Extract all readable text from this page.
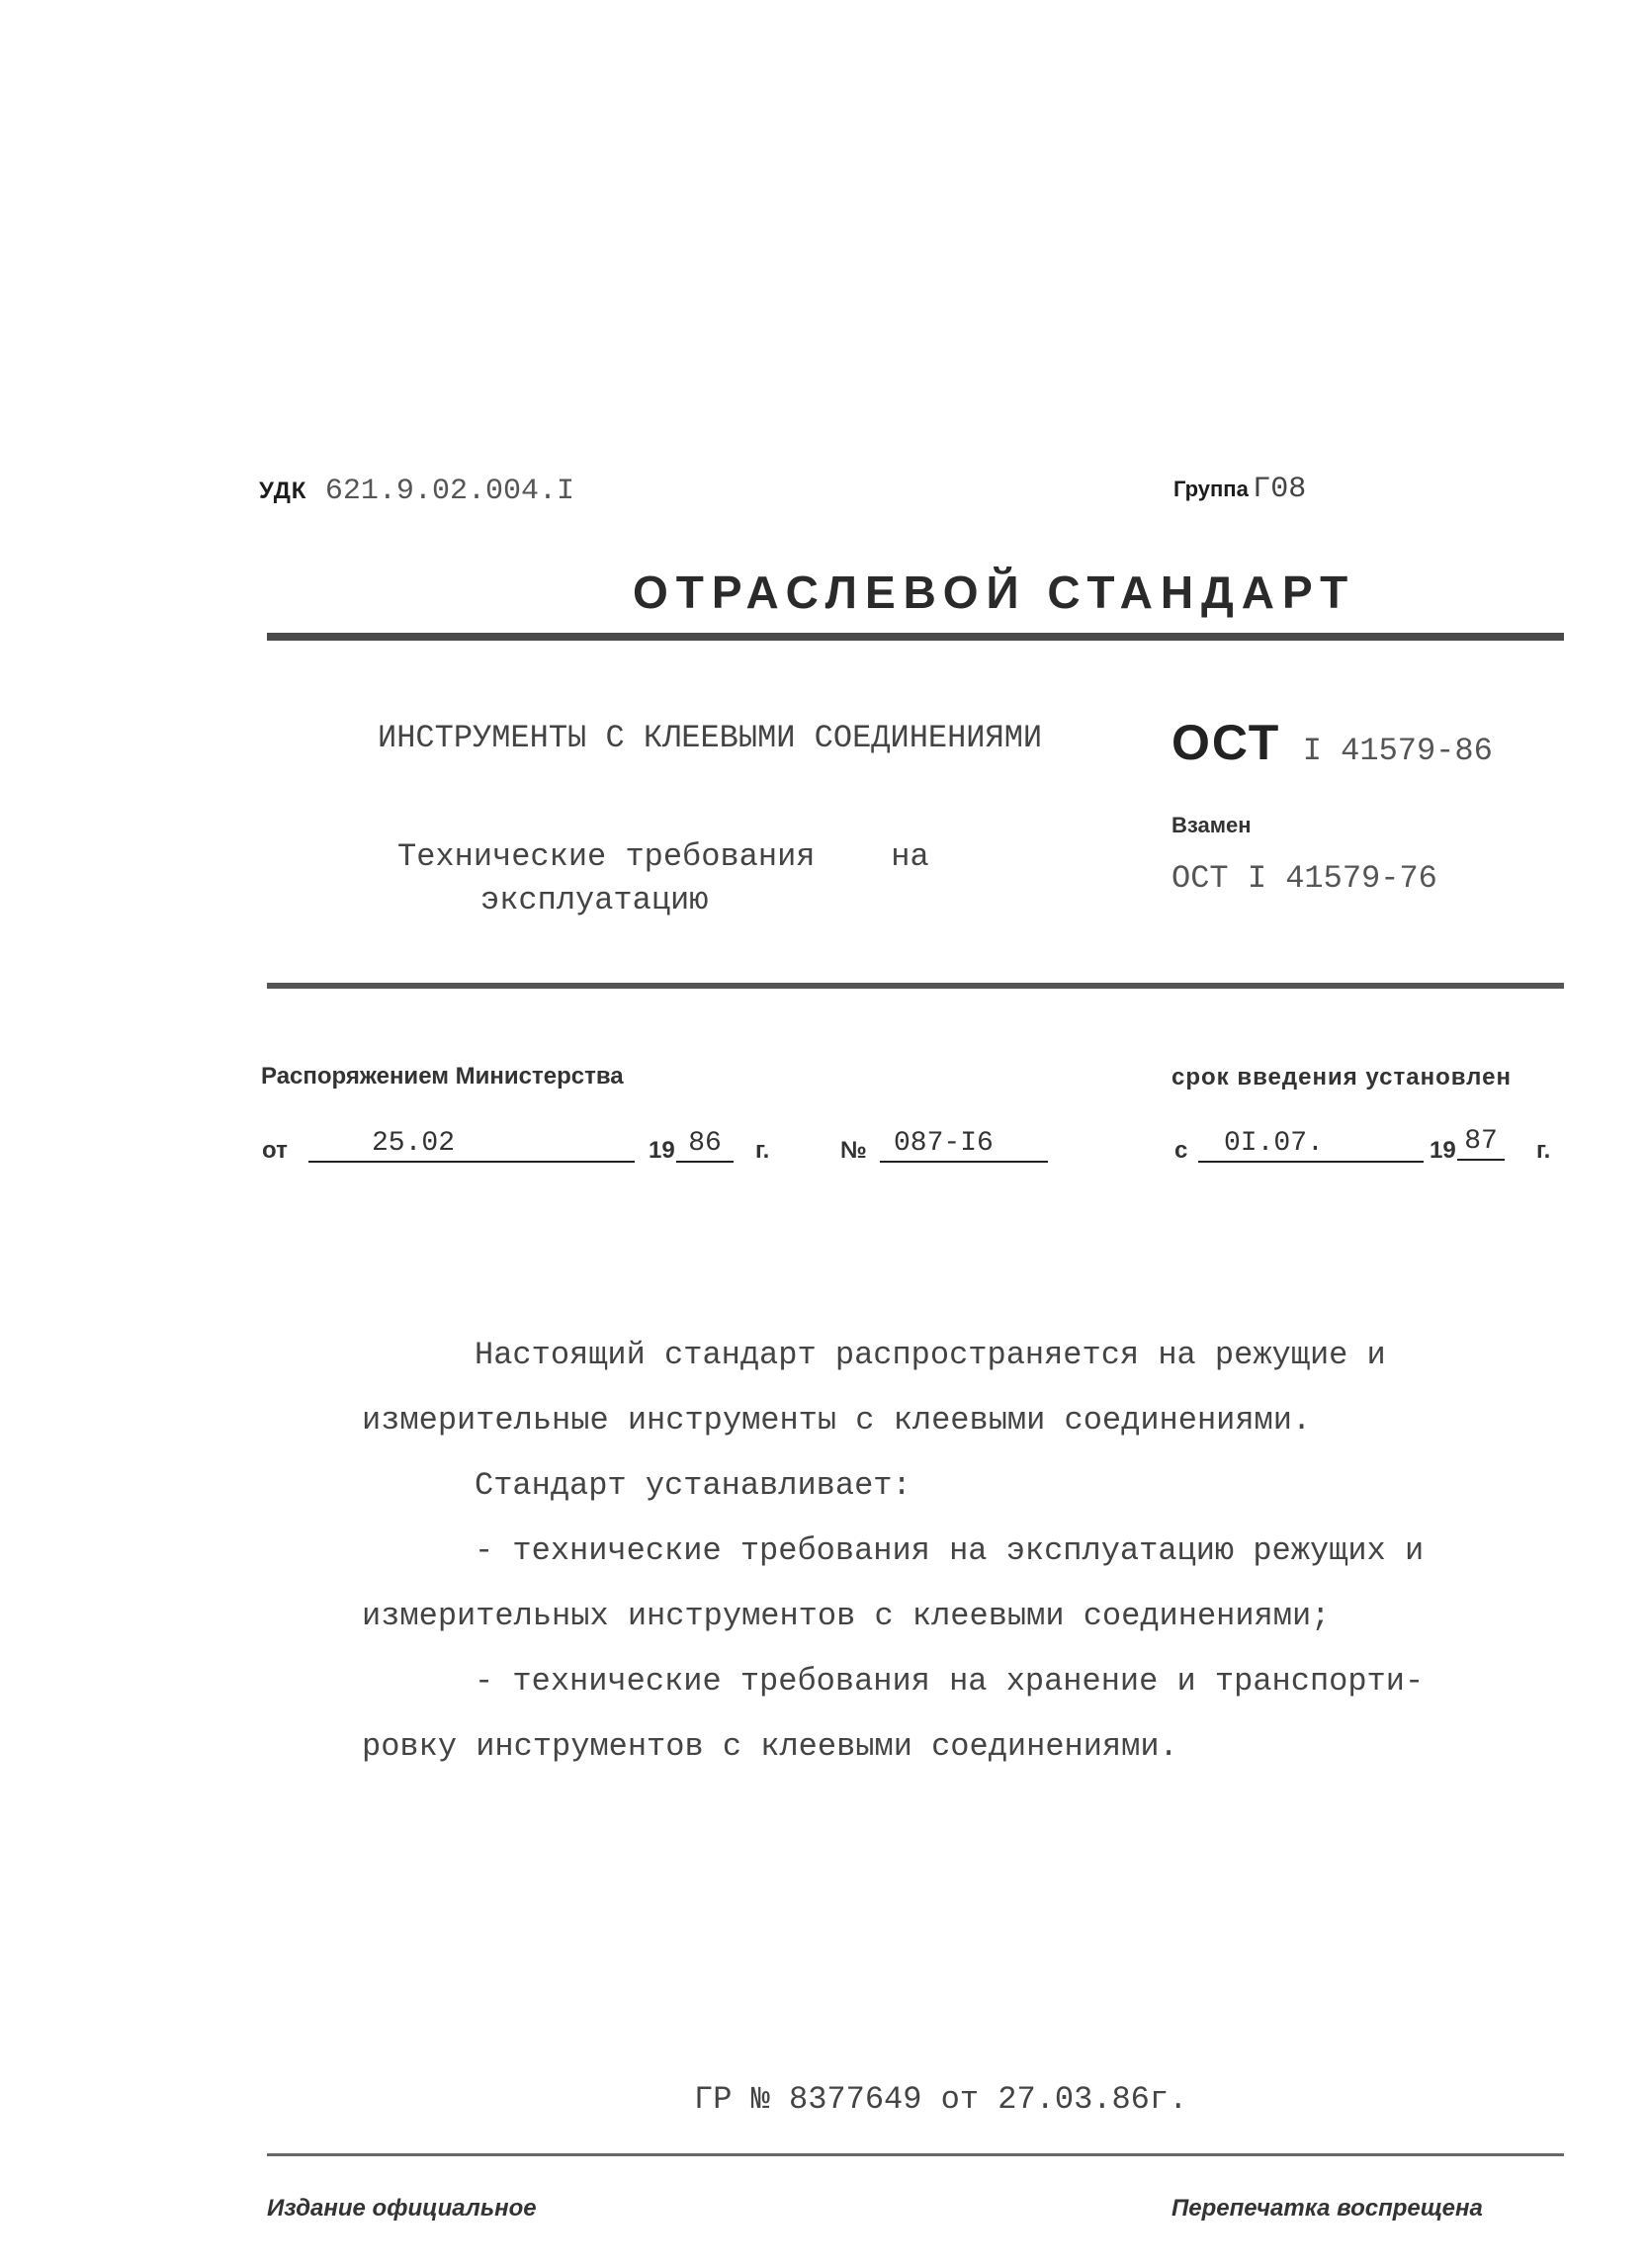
УДК 621.9.02.004.I	Группа Г08
ОТРАСЛЕВОЙ СТАНДАРТ
ИНСТРУМЕНТЫ С КЛЕЕВЫМИ СОЕДИНЕНИЯМИ
Технические требования    на
эксплуатацию
ОСТ I 41579-86
Взамен
ОСТ I 41579-76
Распоряжением Министерства	срок введения установлен
от	25.02	19 86	г.	№ 087-I6	с	0I.07.	19 87	г.
Настоящий стандарт распространяется на режущие и
измерительные инструменты с клеевыми соединениями.
Стандарт устанавливает:
- технические требования на эксплуатацию режущих и
измерительных инструментов с клеевыми соединениями;
- технические требования на хранение и транспорти-
ровку инструментов с клеевыми соединениями.
ГР № 8377649 от 27.03.86г.
Издание официальное	Перепечатка воспрещена
